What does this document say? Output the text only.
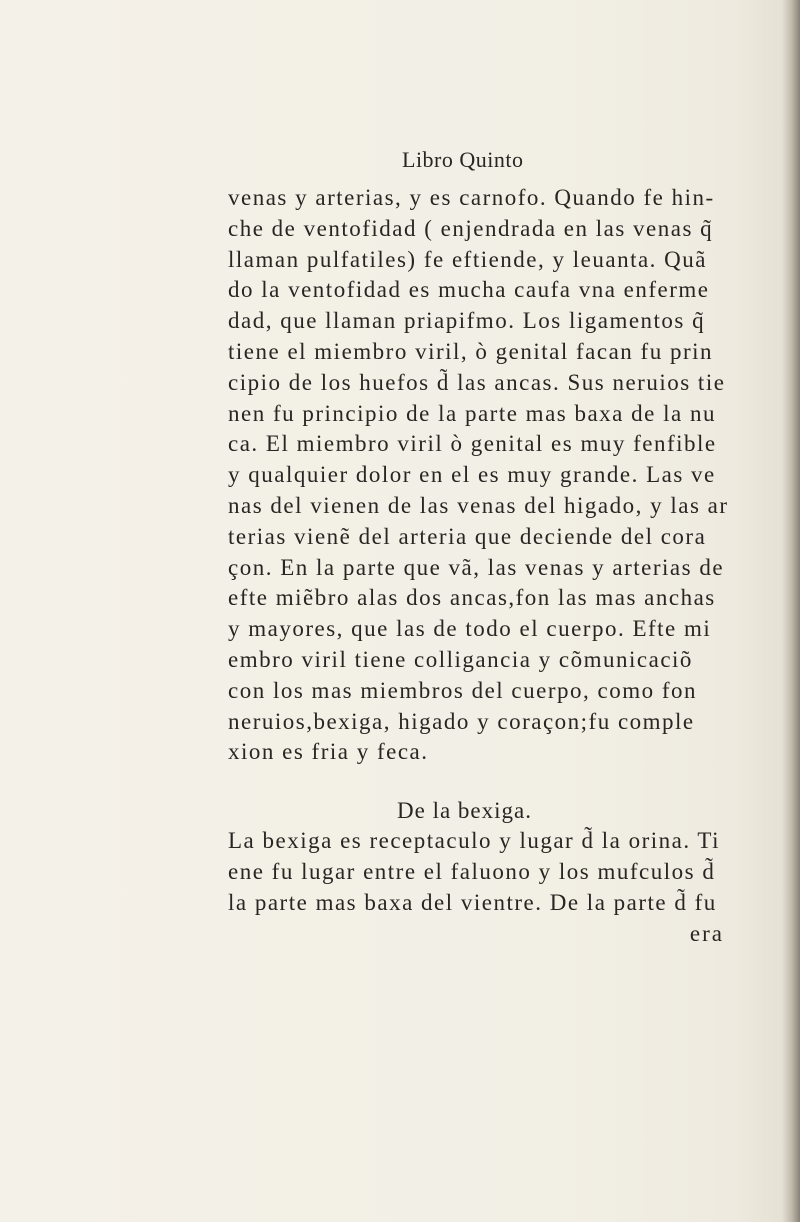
Libro Quinto
venas y arterias, y es carnofo. Quando fe hin-
che de ventofidad ( enjendrada en las venas q̃
llaman pulfatiles) fe eftiende, y leuanta. Quã
do la ventofidad es mucha caufa vna enferme
dad, que llaman priapifmo. Los ligamentos q̃
tiene el miembro viril, ò genital facan fu prin
cipio de los huefos d̃ las ancas. Sus neruios tie
nen fu principio de la parte mas baxa de la nu
ca. El miembro viril ò genital es muy fenfible
y qualquier dolor en el es muy grande. Las ve
nas del vienen de las venas del higado, y las ar
terias vienẽ del arteria que deciende del cora
çon. En la parte que vã, las venas y arterias de
efte miẽbro alas dos ancas,fon las mas anchas
y mayores, que las de todo el cuerpo. Efte mi
embro viril tiene colligancia y cõmunicaciõ
con los mas miembros del cuerpo, como fon
neruios,bexiga, higado y coraçon;fu comple
xion es fria y feca.
De la bexiga.
La bexiga es receptaculo y lugar d̃ la orina. Ti
ene fu lugar entre el faluono y los mufculos d̃
la parte mas baxa del vientre. De la parte d̃ fu
era
